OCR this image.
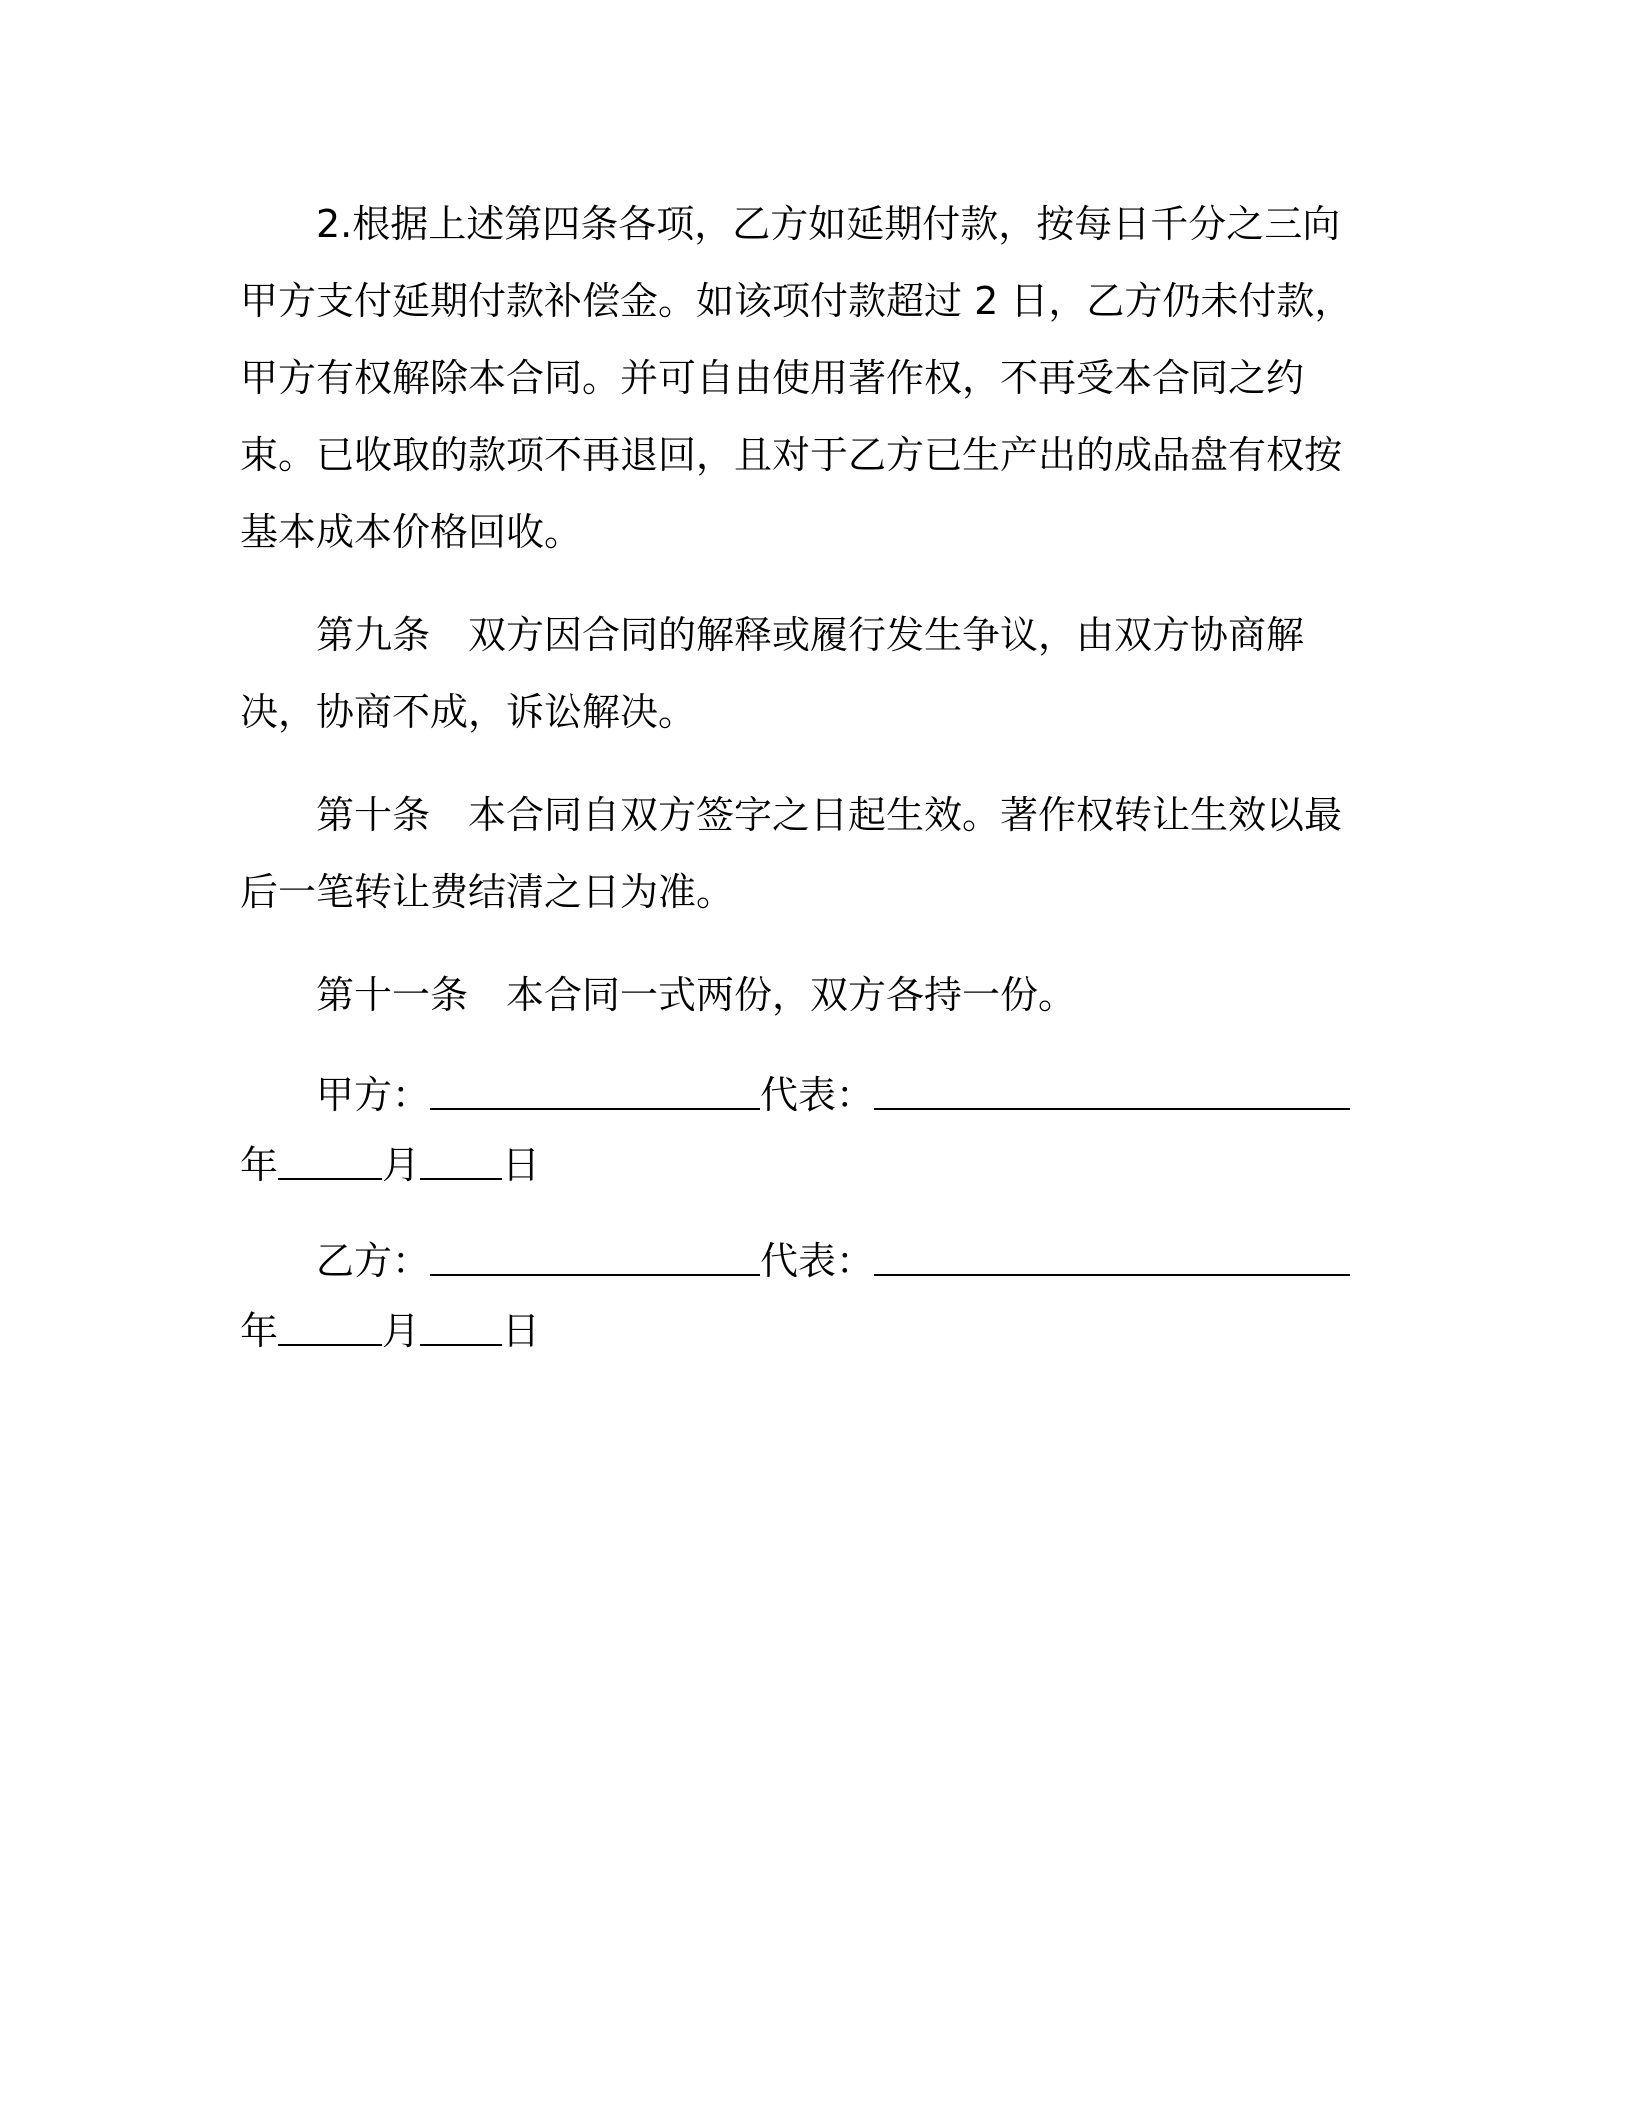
2.根据上述第四条各项，乙方如延期付款，按每日千分之三向甲方支付延期付款补偿金。如该项付款超过 2 日，乙方仍未付款，甲方有权解除本合同。并可自由使用著作权，不再受本合同之约束。已收取的款项不再退回，且对于乙方已生产出的成品盘有权按基本成本价格回收。

第九条　双方因合同的解释或履行发生争议，由双方协商解决，协商不成，诉讼解决。

第十条　本合同自双方签字之日起生效。著作权转让生效以最后一笔转让费结清之日为准。

第十一条　本合同一式两份，双方各持一份。

甲方：	代表：

年	月 日

乙方：	代表：

年	月 日
